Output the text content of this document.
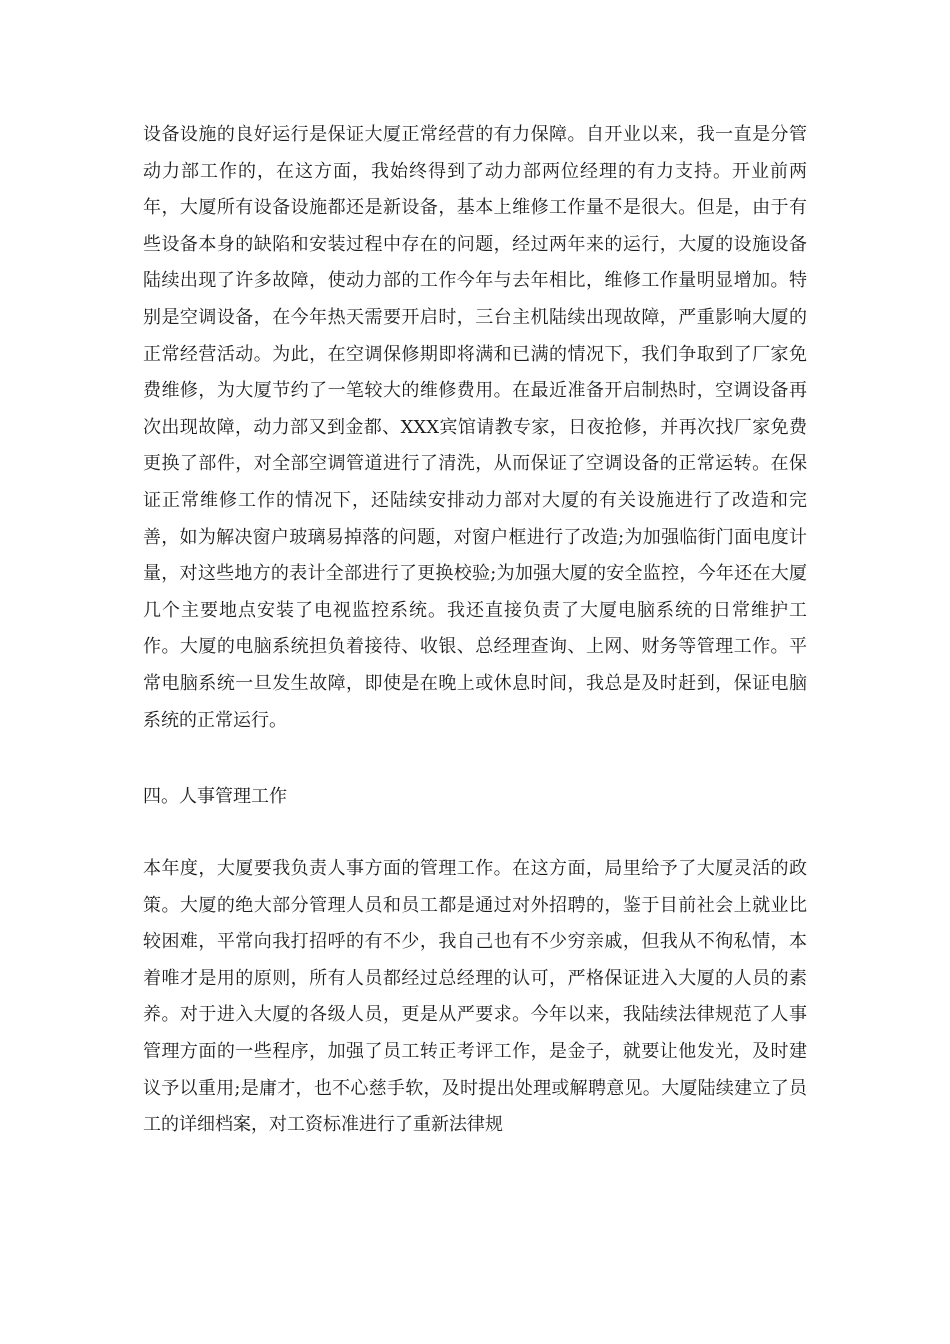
设备设施的良好运行是保证大厦正常经营的有力保障。自开业以来，我一直是分管动力部工作的，在这方面，我始终得到了动力部两位经理的有力支持。开业前两年，大厦所有设备设施都还是新设备，基本上维修工作量不是很大。但是，由于有些设备本身的缺陷和安装过程中存在的问题，经过两年来的运行，大厦的设施设备陆续出现了许多故障，使动力部的工作今年与去年相比，维修工作量明显增加。特别是空调设备，在今年热天需要开启时，三台主机陆续出现故障，严重影响大厦的正常经营活动。为此，在空调保修期即将满和已满的情况下，我们争取到了厂家免费维修，为大厦节约了一笔较大的维修费用。在最近准备开启制热时，空调设备再次出现故障，动力部又到金都、XXX宾馆请教专家，日夜抢修，并再次找厂家免费更换了部件，对全部空调管道进行了清洗，从而保证了空调设备的正常运转。在保证正常维修工作的情况下，还陆续安排动力部对大厦的有关设施进行了改造和完善，如为解决窗户玻璃易掉落的问题，对窗户框进行了改造;为加强临街门面电度计量，对这些地方的表计全部进行了更换校验;为加强大厦的安全监控，今年还在大厦几个主要地点安装了电视监控系统。我还直接负责了大厦电脑系统的日常维护工作。大厦的电脑系统担负着接待、收银、总经理查询、上网、财务等管理工作。平常电脑系统一旦发生故障，即使是在晚上或休息时间，我总是及时赶到，保证电脑系统的正常运行。

四。人事管理工作

本年度，大厦要我负责人事方面的管理工作。在这方面，局里给予了大厦灵活的政策。大厦的绝大部分管理人员和员工都是通过对外招聘的，鉴于目前社会上就业比较困难，平常向我打招呼的有不少，我自己也有不少穷亲戚，但我从不徇私情，本着唯才是用的原则，所有人员都经过总经理的认可，严格保证进入大厦的人员的素养。对于进入大厦的各级人员，更是从严要求。今年以来，我陆续法律规范了人事管理方面的一些程序，加强了员工转正考评工作，是金子，就要让他发光，及时建议予以重用;是庸才，也不心慈手软，及时提出处理或解聘意见。大厦陆续建立了员工的详细档案，对工资标准进行了重新法律规
